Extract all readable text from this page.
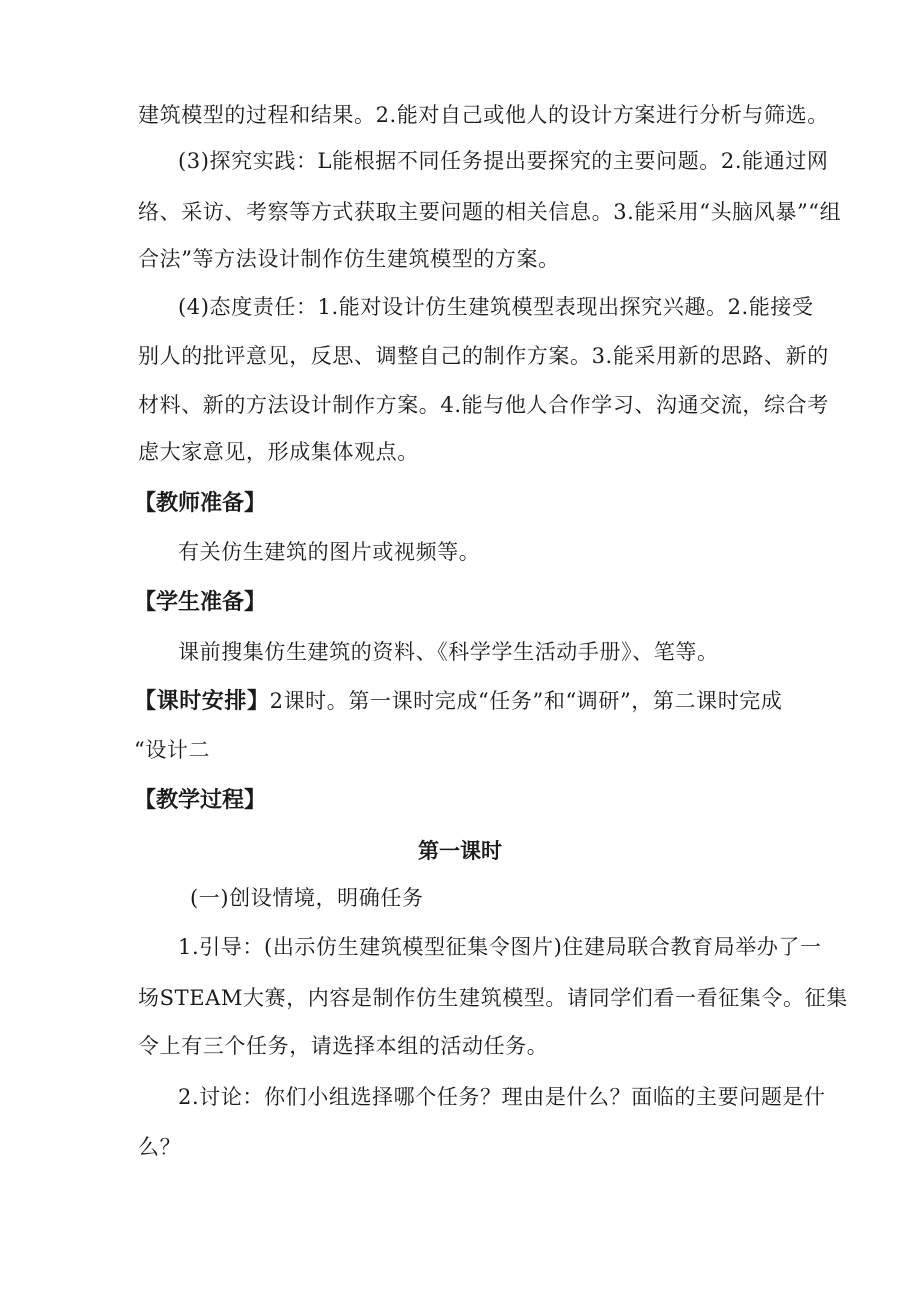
建筑模型的过程和结果。2.能对自己或他人的设计方案进行分析与筛选。
(3)探究实践：L能根据不同任务提出要探究的主要问题。2.能通过网
络、采访、考察等方式获取主要问题的相关信息。3.能采用“头脑风暴”“组
合法”等方法设计制作仿生建筑模型的方案。
(4)态度责任：1.能对设计仿生建筑模型表现出探究兴趣。2.能接受
别人的批评意见，反思、调整自己的制作方案。3.能采用新的思路、新的
材料、新的方法设计制作方案。4.能与他人合作学习、沟通交流，综合考
虑大家意见，形成集体观点。
【教师准备】
有关仿生建筑的图片或视频等。
【学生准备】
课前搜集仿生建筑的资料、《科学学生活动手册》、笔等。
【课时安排】2课时。第一课时完成“任务”和“调研”，第二课时完成
“设计二
【教学过程】
第一课时
(一)创设情境，明确任务
1.引导：(出示仿生建筑模型征集令图片)住建局联合教育局举办了一
场STEAM大赛，内容是制作仿生建筑模型。请同学们看一看征集令。征集
令上有三个任务，请选择本组的活动任务。
2.讨论：你们小组选择哪个任务？理由是什么？面临的主要问题是什
么？
